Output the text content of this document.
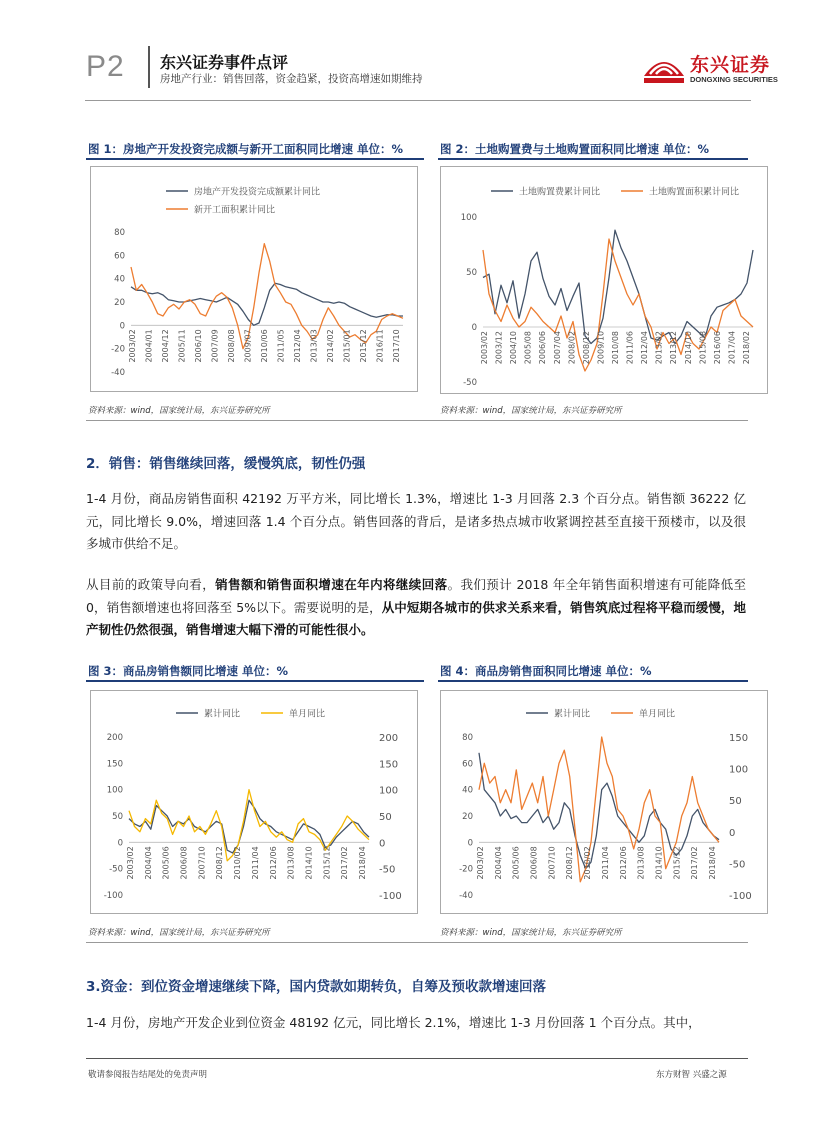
P2 东兴证券事件点评
房地产行业：销售回落，资金趋紧，投资高增速如期维持
东兴证券
DONGXING SECURITIES
图 1：房地产开发投资完成额与新开工面积同比增速 单位：%
房地产开发投资完成额累计同比
新开工面积累计同比
80
60
40
20
0
-20
-40
2003/02 2004/01 2004/12 2005/11 2006/10 2007/09 2008/08 2009/07 2010/06 2011/05 2012/04 2013/03 2014/02 2015/01 2015/12 2016/11 2017/10
资料来源：wind，国家统计局，东兴证券研究所
图 2：土地购置费与土地购置面积同比增速 单位：%
土地购置费累计同比	土地购置面积累计同比
100
50
0
-50
2003/02 2003/12 2004/10 2005/08 2006/06 2007/04 2008/02 2008/12 2009/10 2010/08 2011/06 2012/04 2013/02 2013/12 2014/10 2015/08 2016/06 2017/04 2018/02
资料来源：wind，国家统计局，东兴证券研究所
2．销售：销售继续回落，缓慢筑底，韧性仍强
1-4 月份，商品房销售面积 42192 万平方米，同比增长 1.3%，增速比 1-3 月回落 2.3 个百分点。销售额 36222 亿元，同比增长 9.0%，增速回落 1.4 个百分点。销售回落的背后，是诸多热点城市收紧调控甚至直接干预楼市，以及很多城市供给不足。
从目前的政策导向看，销售额和销售面积增速在年内将继续回落。我们预计 2018 年全年销售面积增速有可能降低至 0，销售额增速也将回落至 5%以下。需要说明的是，从中短期各城市的供求关系来看，销售筑底过程将平稳而缓慢，地产韧性仍然很强，销售增速大幅下滑的可能性很小。
图 3：商品房销售额同比增速 单位：%
累计同比	单月同比
200
150
100
50
0
-50
-100
200
150
100
50
0
-50
-100
2003/02 2004/04 2005/06 2006/08 2007/10 2008/12 2010/02 2011/04 2012/06 2013/08 2014/10 2015/12 2017/02 2018/04
资料来源：wind，国家统计局，东兴证券研究所
图 4：商品房销售面积同比增速 单位：%
累计同比	单月同比
80
60
40
20
0
-20
-40
150
100
50
0
-50
-100
2003/02 2004/04 2005/06 2006/08 2007/10 2008/12 2010/02 2011/04 2012/06 2013/08 2014/10 2015/12 2017/02 2018/04
资料来源：wind，国家统计局，东兴证券研究所
3.资金：到位资金增速继续下降，国内贷款如期转负，自筹及预收款增速回落
1-4 月份，房地产开发企业到位资金 48192 亿元，同比增长 2.1%，增速比 1-3 月份回落 1 个百分点。其中，
敬请参阅报告结尾处的免责声明	东方财智 兴盛之源
